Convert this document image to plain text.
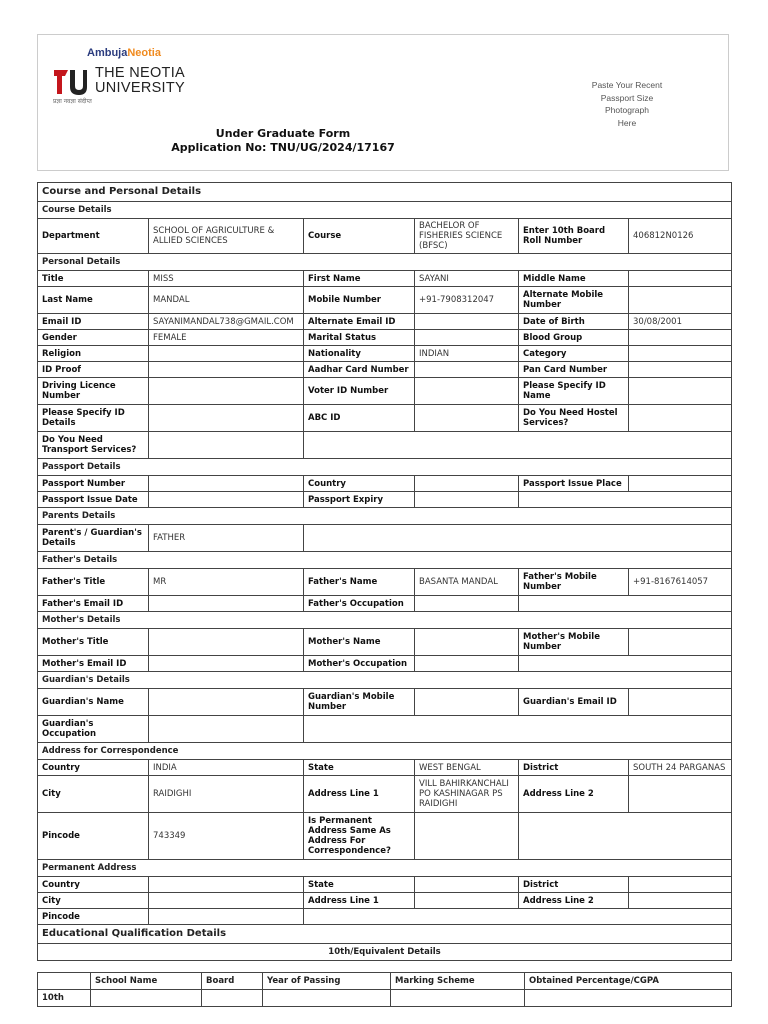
AmbujaNeotia
THE NEOTIA
UNIVERSITY
प्रज्ञा नवज्ञा संदीप्त
Paste Your Recent
Passport Size
Photograph
Here
Under Graduate Form
Application No: TNU/UG/2024/17167
Course and Personal Details					
Course Details					
Department	SCHOOL OF AGRICULTURE & ALLIED SCIENCES	Course	BACHELOR OF FISHERIES SCIENCE (BFSC)	Enter 10th Board Roll Number	406812N0126
Personal Details					
Title	MISS	First Name	SAYANI	Middle Name	
Last Name	MANDAL	Mobile Number	+91-7908312047	Alternate Mobile Number	
Email ID	SAYANIMANDAL738@GMAIL.COM	Alternate Email ID		Date of Birth	30/08/2001
Gender	FEMALE	Marital Status		Blood Group	
Religion		Nationality	INDIAN	Category	
ID Proof		Aadhar Card Number		Pan Card Number	
Driving Licence Number		Voter ID Number		Please Specify ID Name	
Please Specify ID Details		ABC ID		Do You Need Hostel Services?	
Do You Need Transport Services?					
Passport Details					
Passport Number		Country		Passport Issue Place	
Passport Issue Date		Passport Expiry			
Parents Details					
Parent's / Guardian's Details	FATHER				
Father's Details					
Father's Title	MR	Father's Name	BASANTA MANDAL	Father's Mobile Number	+91-8167614057
Father's Email ID		Father's Occupation			
Mother's Details					
Mother's Title		Mother's Name		Mother's Mobile Number	
Mother's Email ID		Mother's Occupation			
Guardian's Details					
Guardian's Name		Guardian's Mobile Number		Guardian's Email ID	
Guardian's Occupation					
Address for Correspondence					
Country	INDIA	State	WEST BENGAL	District	SOUTH 24 PARGANAS
City	RAIDIGHI	Address Line 1	VILL BAHIRKANCHALI PO KASHINAGAR PS RAIDIGHI	Address Line 2	
Pincode	743349	Is Permanent Address Same As Address For Correspondence?			
Permanent Address					
Country		State		District	
City		Address Line 1		Address Line 2	
Pincode					
Educational Qualification Details					
10th/Equivalent Details					
	School Name	Board	Year of Passing	Marking Scheme	Obtained Percentage/CGPA
10th					
